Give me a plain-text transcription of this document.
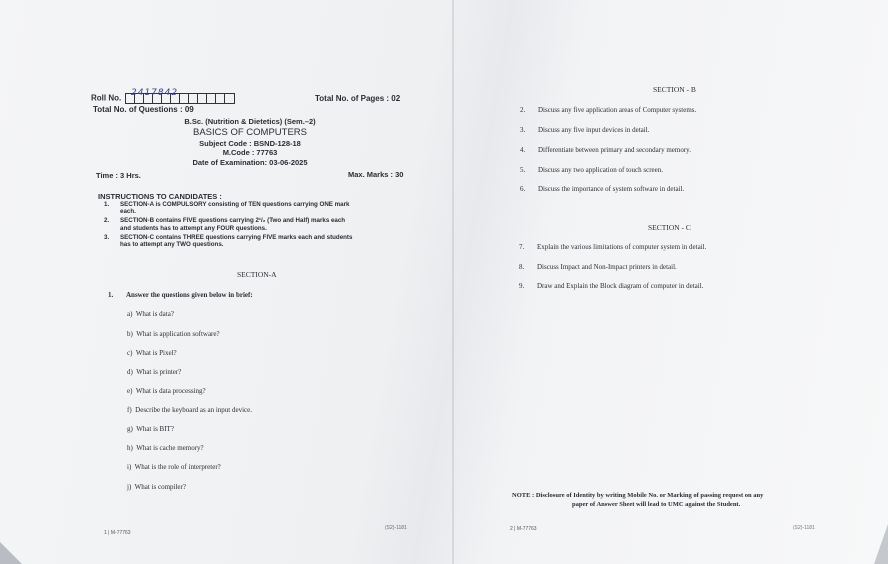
Roll No.
2417842
Total No. of Pages : 02
Total No. of Questions : 09
B.Sc. (Nutrition & Dietetics) (Sem.–2)
BASICS OF COMPUTERS
Subject Code : BSND-128-18
M.Code : 77763
Date of Examination: 03-06-2025
Time : 3 Hrs.	Max. Marks : 30
INSTRUCTIONS TO CANDIDATES :
1. SECTION-A is COMPULSORY consisting of TEN questions carrying ONE mark
each.
2. SECTION-B contains FIVE questions carrying 2¹/₂ (Two and Half) marks each
and students has to attempt any FOUR questions.
3. SECTION-C contains THREE questions carrying FIVE marks each and students
has to attempt any TWO questions.
SECTION-A
1. Answer the questions given below in brief:
a) What is data?
b) What is application software?
c) What is Pixel?
d) What is printer?
e) What is data processing?
f) Describe the keyboard as an input device.
g) What is BIT?
h) What is cache memory?
i) What is the role of interpreter?
j) What is compiler?
1 | M-77763
(S2)-1181
SECTION - B
2. Discuss any five application areas of Computer systems.
3. Discuss any five input devices in detail.
4. Differentiate between primary and secondary memory.
5. Discuss any two application of touch screen.
6. Discuss the importance of system software in detail.
SECTION - C
7. Explain the various limitations of computer system in detail.
8. Discuss Impact and Non-Impact printers in detail.
9. Draw and Explain the Block diagram of computer in detail.
NOTE : Disclosure of Identity by writing Mobile No. or Marking of passing request on any
paper of Answer Sheet will lead to UMC against the Student.
2 | M-77763	(S2)-1181
